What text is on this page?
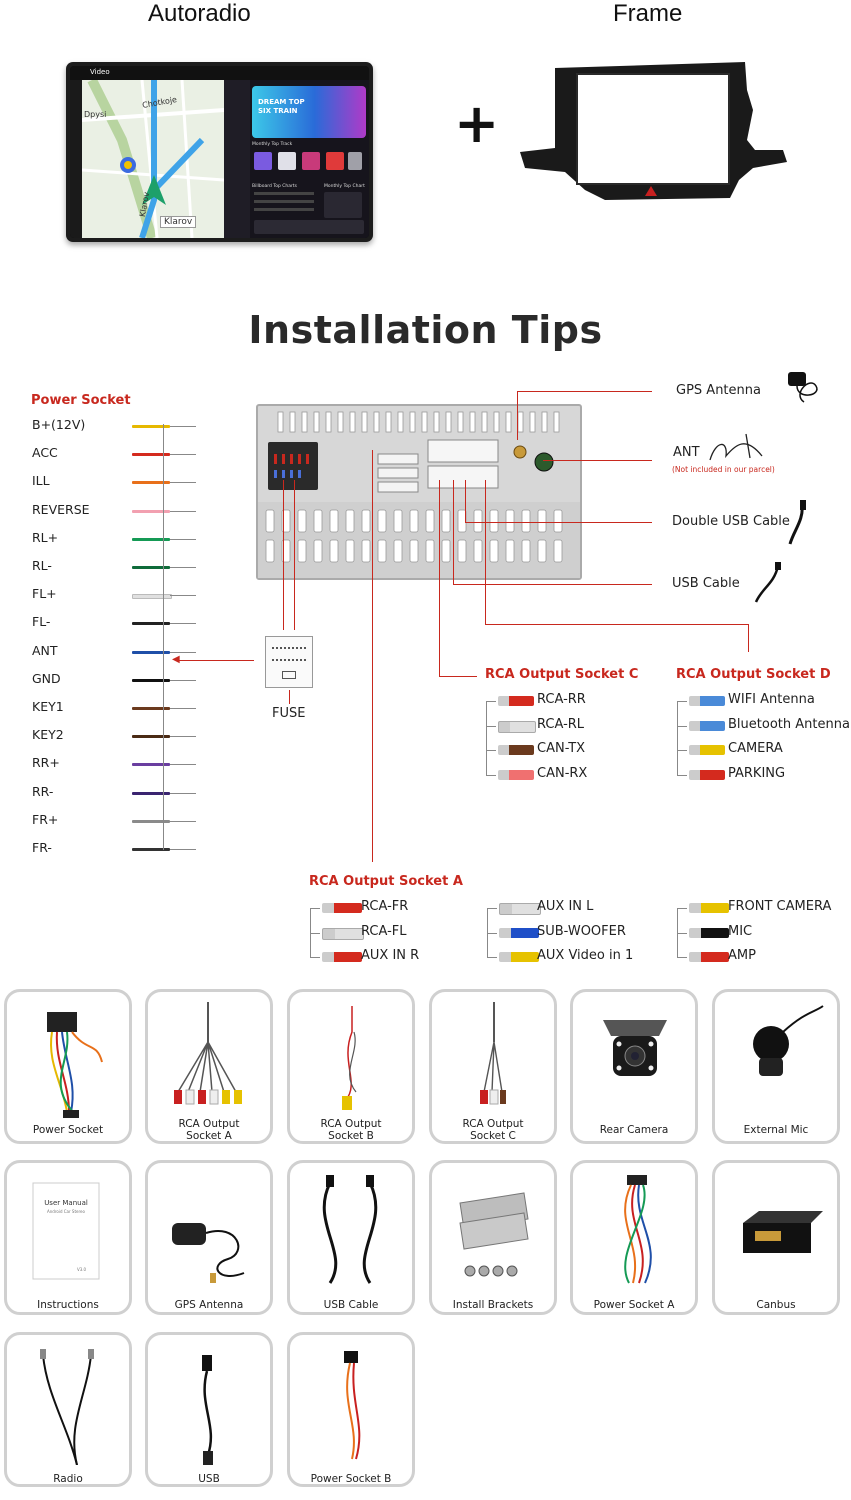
Autoradio	Frame
+
Video
Chotkoje
Dpysi
Klarov
Klarov
DREAM TOP
SIX TRAIN
Monthly Top Track
Billboard Top Charts	Monthly Top Chart
Installation Tips
FUSE
◀
Power Socket
B+(12V)
ACC
ILL
REVERSE
RL+
RL-
FL+
FL-
ANT
GND
KEY1
KEY2
RR+
RR-
FR+
FR-
GPS Antenna
ANT
(Not included in our parcel)
Double USB Cable
USB Cable
RCA Output Socket C
RCA-RR
RCA-RL
CAN-TX
CAN-RX
RCA Output Socket D
WIFI Antenna
Bluetooth Antenna
CAMERA
PARKING
RCA Output Socket A
RCA-FR
RCA-FL
AUX IN R
AUX IN L
SUB-WOOFER
AUX Video in 1
FRONT CAMERA
MIC
AMP
Power Socket	RCA Output
Socket A
RCA Output
Socket B
RCA Output
Socket C	Rear Camera	External Mic
User Manual
Android Car Stereo
V3.0
Instructions	GPS Antenna	USB Cable	Install Brackets	Power Socket A	Canbus
Radio	USB	Power Socket B
